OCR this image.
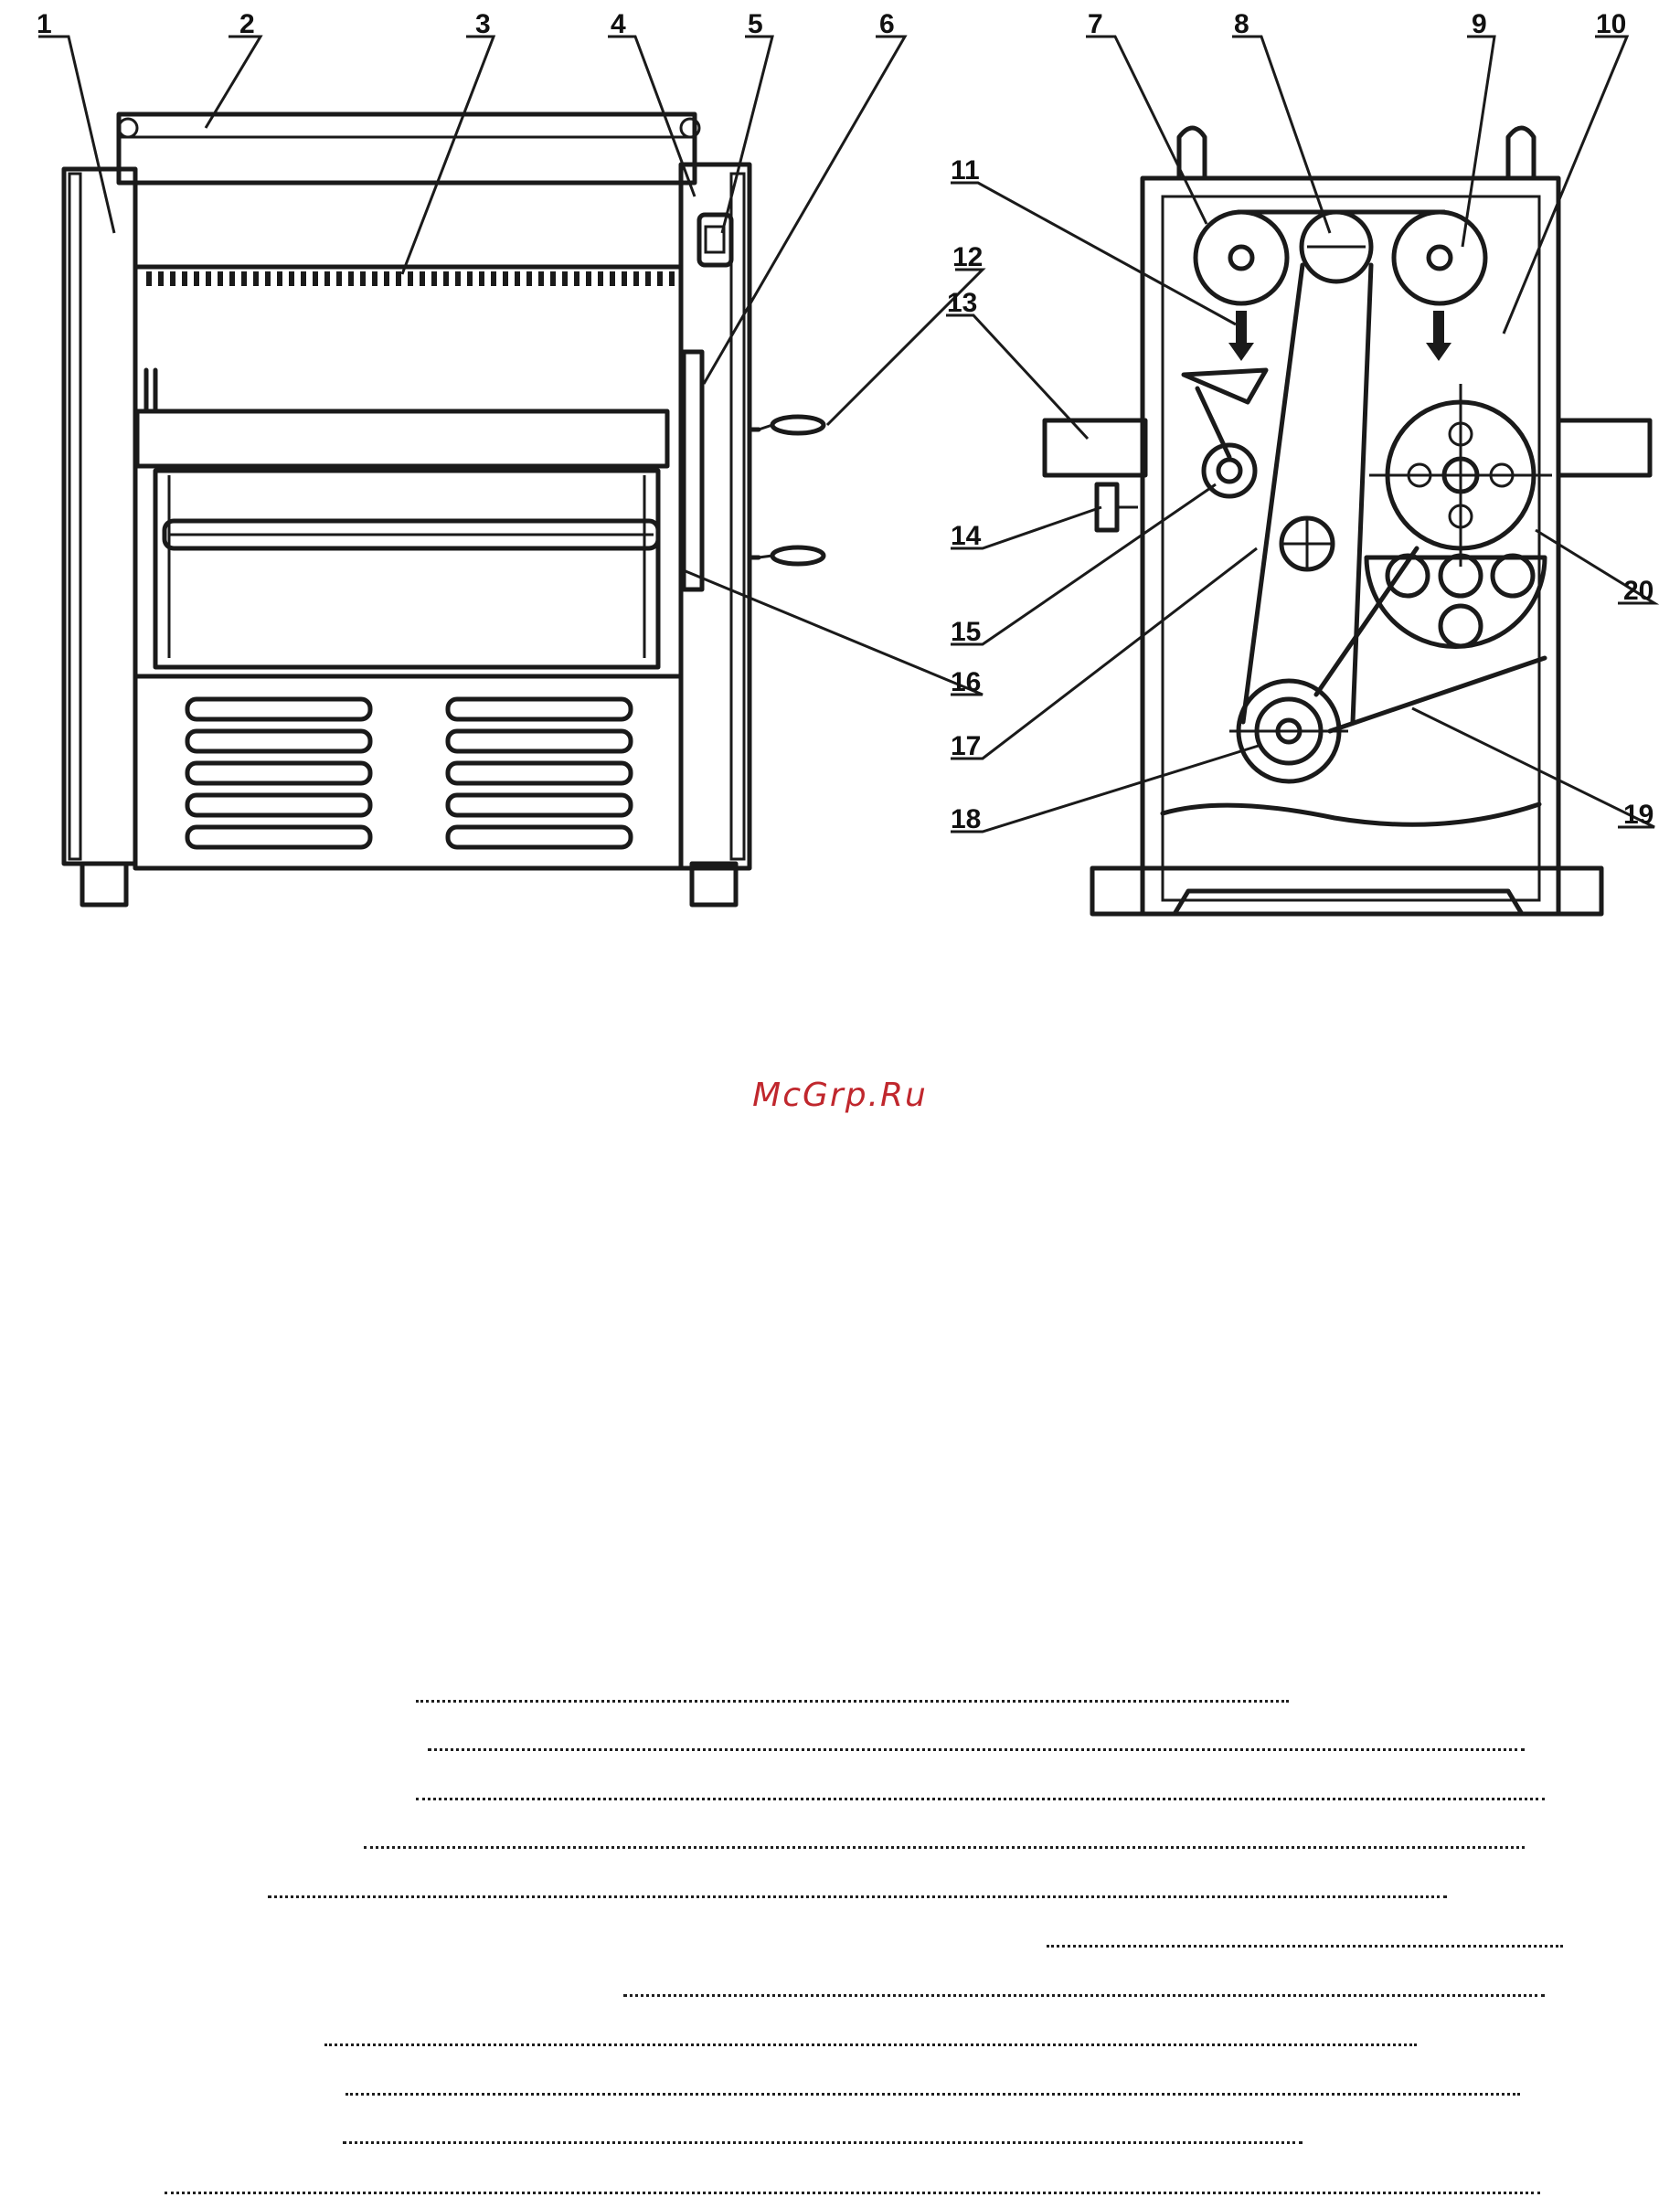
1	2	3	4	5	6	7	8	9	10
11
12
13
14
15
16
17
18	19
20
McGrp.Ru
